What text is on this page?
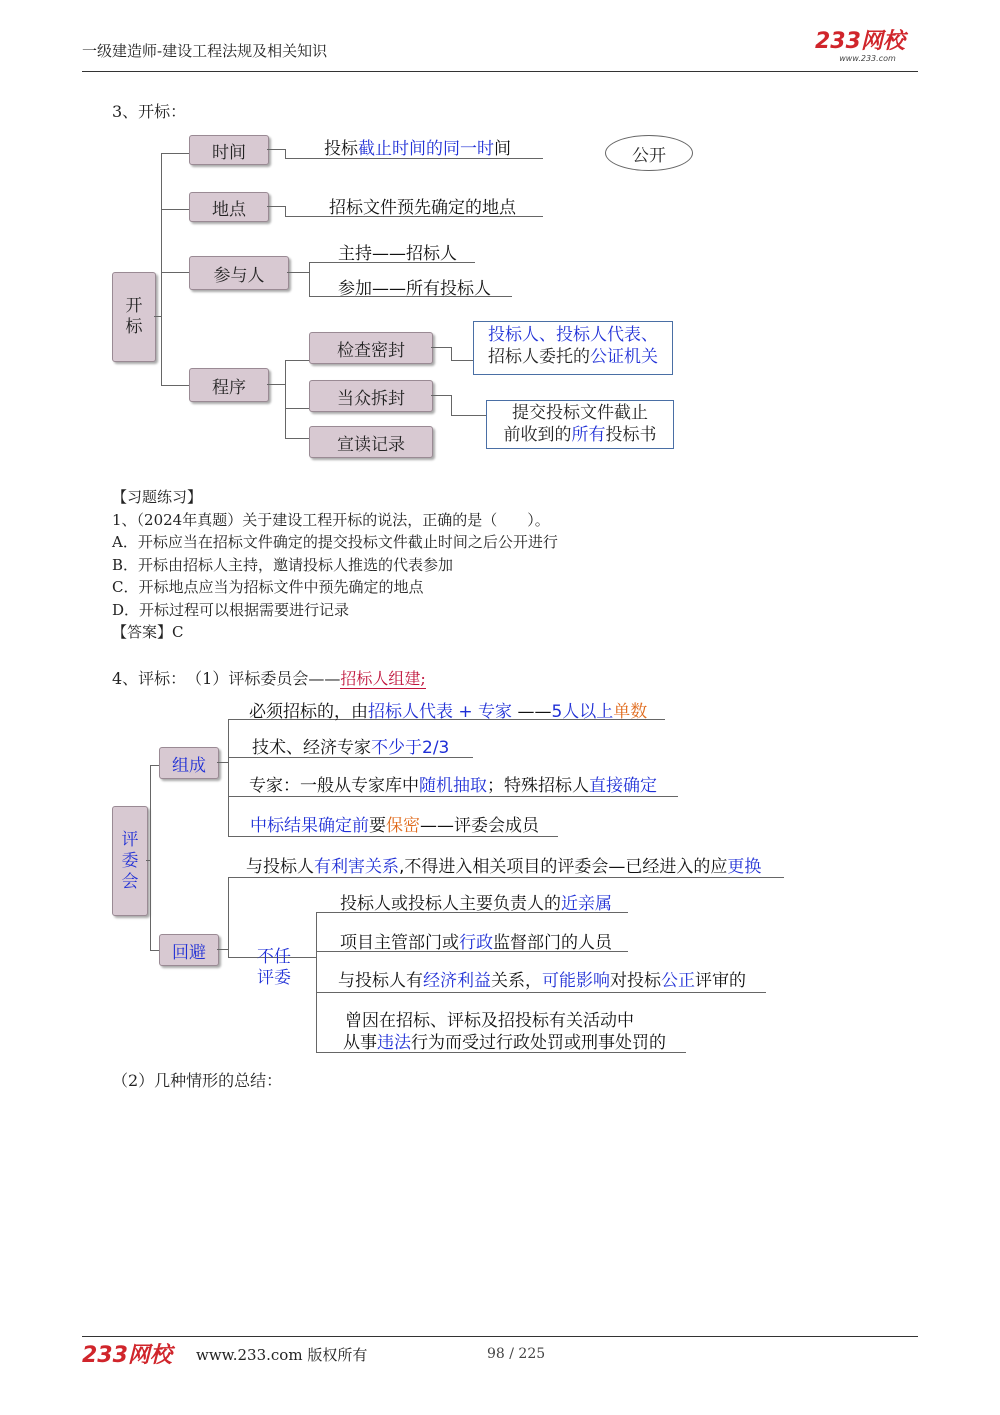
一级建造师-建设工程法规及相关知识	233网校
www.233.com
3、开标：
开
标
时间	投标截止时间的同一时间	公开
地点	招标文件预先确定的地点
参与人
主持——招标人
参加——所有投标人
程序
检查密封
当众拆封
宣读记录
投标人、投标人代表、
招标人委托的公证机关
提交投标文件截止
前收到的所有投标书
【习题练习】
1、（2024年真题）关于建设工程开标的说法，正确的是（　　）。
A．开标应当在招标文件确定的提交投标文件截止时间之后公开进行
B．开标由招标人主持，邀请投标人推选的代表参加
C．开标地点应当为招标文件中预先确定的地点
D．开标过程可以根据需要进行记录
【答案】C
4、评标：　（1）评标委员会——招标人组建;
评
委
会
组成
必须招标的，由招标人代表 + 专家 ——5人以上单数
技术、经济专家不少于2/3
专家：一般从专家库中随机抽取；特殊招标人直接确定
中标结果确定前要保密——评委会成员
回避
与投标人有利害关系,不得进入相关项目的评委会—已经进入的应更换
不任
评委
投标人或投标人主要负责人的近亲属
项目主管部门或行政监督部门的人员
与投标人有经济利益关系，可能影响对投标公正评审的
曾因在招标、评标及招投标有关活动中
从事违法行为而受过行政处罚或刑事处罚的
（2）几种情形的总结：
233网校 www.233.com 版权所有	98 / 225
